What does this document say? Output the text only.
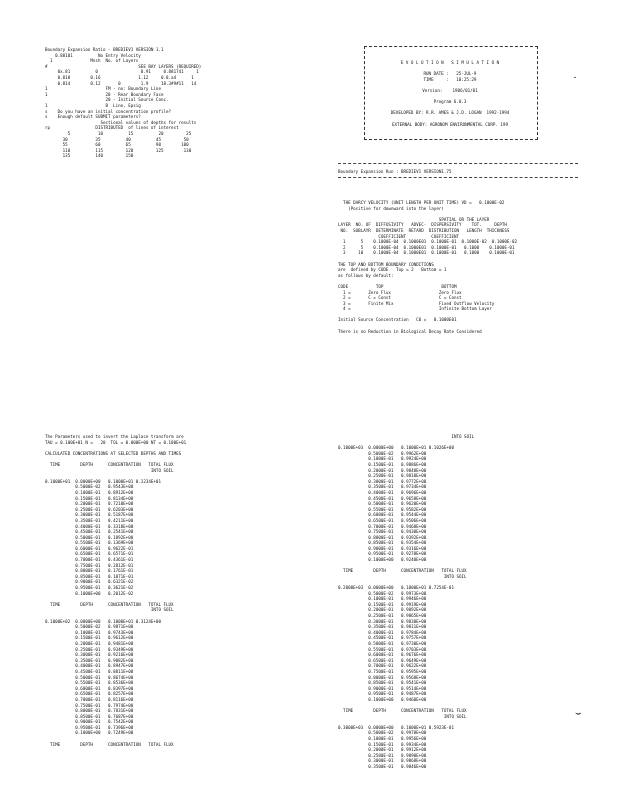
Boundary Expansion Ratio - BREDIEV1 VERSION 1.1
0.88101          No Entry Velocity
1               Mnsh  No. of Layers
#                                    SEE BAY LAYERS (REQUIRED)
0x.81          0                 0.91     0.881741     1
0.818        0.16               1.12     0.8.a4      1
0.814        0.12       0        1.9     18.3#9#11   14
1                       FM - no: Boundary Line
1                       20 - Rear Boundary Face
20 - Initial Source Conc.
1                       B  Line, Epsig
s    Do you have an initial concentration profile?
s    Enough default SUBMIT parameters?
Sectional values of depths for results
rp                  DISTRIBUTED  of lines of interest
5           10          15          20         25
30           35          40          45         50
55           60          65          90        100
110          115         120         125        130
135          140         150
E V O L U T I O N   S I M U L A T I O N

RUN DATE :   25-JUL-9
TIME     :   10:25:29

Version:    1986/01/01

Program 6.0.3

DEVELOPED BY: R.R. AMES & J.D. LOGAN  1992-1994

EXTERNAL BODY: AGRONOM ENVIRONMENTAL CORP. 199
Boundary Expansion Run : BREDIEV1 VERSION1.75
THE DARCY VELOCITY (UNIT LENGTH PER UNIT TIME) VD =   0.1000E-02
(Positive for downward into the layer)

SPATIAL OR THE LAYER
LAYER  NO. OF  DIFFUSIVITY   ADVEC-  DISPERSIVITY    TOT.     DEPTH
NO.  SUBLAYR  DETERMINATE  RETARD  DISTRIBUTION   LENGTH  THICKNESS
COEFFICIENT          COEFFICIENT
1      5    0.1000E-04  0.1000E01  0.1000E-01  0.1000E-02  0.1000E-02
2      5    0.1000E-04  0.1000E01  0.1000E-01   0.1000    0.1000E-01
3     10    0.1000E-04  0.1000E01  0.1000E-01   0.1000    0.1000E-01

THE TOP AND BOTTOM BOUNDARY CONDITIONS
are  defined by CODE   Top = 2   Bottom = 1
as follows by default:

CODE           TOP                       BOTTOM
1 =       Zero Flux                   Zero Flux
2 =       C = Const                   C = Const
3 =       Finite Mix                  Fixed Outflow Velocity
4 =                                   Infinite Bottom Layer

Initial Source Concentration   C0 =   0.1000E01

There is no Reduction in Biological Decay Rate Considered
The Parameters used to invert the Laplace transform are
TAU = 0.100E+01 N =   20  TOL = 0.000E+00 NT = 0.100E+01

CALCULATED CONCENTRATIONS AT SELECTED DEPTHS AND TIMES

TIME        DEPTH      CONCENTRATION   TOTAL FLUX
INTO SOIL

0.1000E+01  0.0000E+00   0.1000E+01 0.1234E+01
0.5000E-02   0.9543E+00
0.1000E-01   0.8912E+00
0.1500E-01   0.8134E+00
0.2000E-01   0.7210E+00
0.2500E-01   0.6203E+00
0.3000E-01   0.5187E+00
0.3500E-01   0.4211E+00
0.4000E-01   0.3318E+00
0.4500E-01   0.2541E+00
0.5000E-01   0.1892E+00
0.5500E-01   0.1369E+00
0.6000E-01   0.9622E-01
0.6500E-01   0.6571E-01
0.7000E-01   0.4361E-01
0.7500E-01   0.2812E-01
0.8000E-01   0.1761E-01
0.8500E-01   0.1071E-01
0.9000E-01   0.6321E-02
0.9500E-01   0.3621E-02
0.1000E+00   0.2012E-02

TIME        DEPTH      CONCENTRATION   TOTAL FLUX
INTO SOIL

0.1000E+02  0.0000E+00   0.1000E+01 0.3124E+00
0.5000E-02   0.9871E+00
0.1000E-01   0.9743E+00
0.1500E-01   0.9612E+00
0.2000E-01   0.9481E+00
0.2500E-01   0.9349E+00
0.3000E-01   0.9216E+00
0.3500E-01   0.9082E+00
0.4000E-01   0.8947E+00
0.4500E-01   0.8811E+00
0.5000E-01   0.8674E+00
0.5500E-01   0.8536E+00
0.6000E-01   0.8397E+00
0.6500E-01   0.8257E+00
0.7000E-01   0.8116E+00
0.7500E-01   0.7974E+00
0.8000E-01   0.7831E+00
0.8500E-01   0.7687E+00
0.9000E-01   0.7542E+00
0.9500E-01   0.7396E+00
0.1000E+00   0.7249E+00

TIME        DEPTH      CONCENTRATION   TOTAL FLUX
INTO SOIL

0.1000E+03  0.0000E+00   0.1000E+01 0.1026E+00
0.5000E-02   0.9962E+00
0.1000E-01   0.9924E+00
0.1500E-01   0.9886E+00
0.2000E-01   0.9848E+00
0.2500E-01   0.9810E+00
0.3000E-01   0.9772E+00
0.3500E-01   0.9734E+00
0.4000E-01   0.9696E+00
0.4500E-01   0.9658E+00
0.5000E-01   0.9620E+00
0.5500E-01   0.9582E+00
0.6000E-01   0.9544E+00
0.6500E-01   0.9506E+00
0.7000E-01   0.9468E+00
0.7500E-01   0.9430E+00
0.8000E-01   0.9392E+00
0.8500E-01   0.9354E+00
0.9000E-01   0.9316E+00
0.9500E-01   0.9278E+00
0.1000E+00   0.9240E+00

TIME        DEPTH      CONCENTRATION   TOTAL FLUX
INTO SOIL

0.2000E+03  0.0000E+00   0.1000E+01 0.7254E-01
0.5000E-02   0.9973E+00
0.1000E-01   0.9946E+00
0.1500E-01   0.9919E+00
0.2000E-01   0.9892E+00
0.2500E-01   0.9865E+00
0.3000E-01   0.9838E+00
0.3500E-01   0.9811E+00
0.4000E-01   0.9784E+00
0.4500E-01   0.9757E+00
0.5000E-01   0.9730E+00
0.5500E-01   0.9703E+00
0.6000E-01   0.9676E+00
0.6500E-01   0.9649E+00
0.7000E-01   0.9622E+00
0.7500E-01   0.9595E+00
0.8000E-01   0.9568E+00
0.8500E-01   0.9541E+00
0.9000E-01   0.9514E+00
0.9500E-01   0.9487E+00
0.1000E+00   0.9460E+00

TIME        DEPTH      CONCENTRATION   TOTAL FLUX
INTO SOIL

0.3000E+03  0.0000E+00   0.1000E+01 0.5923E-01
0.5000E-02   0.9978E+00
0.1000E-01   0.9956E+00
0.1500E-01   0.9934E+00
0.2000E-01   0.9912E+00
0.2500E-01   0.9890E+00
0.3000E-01   0.9868E+00
0.3500E-01   0.9846E+00
˗
⌣
